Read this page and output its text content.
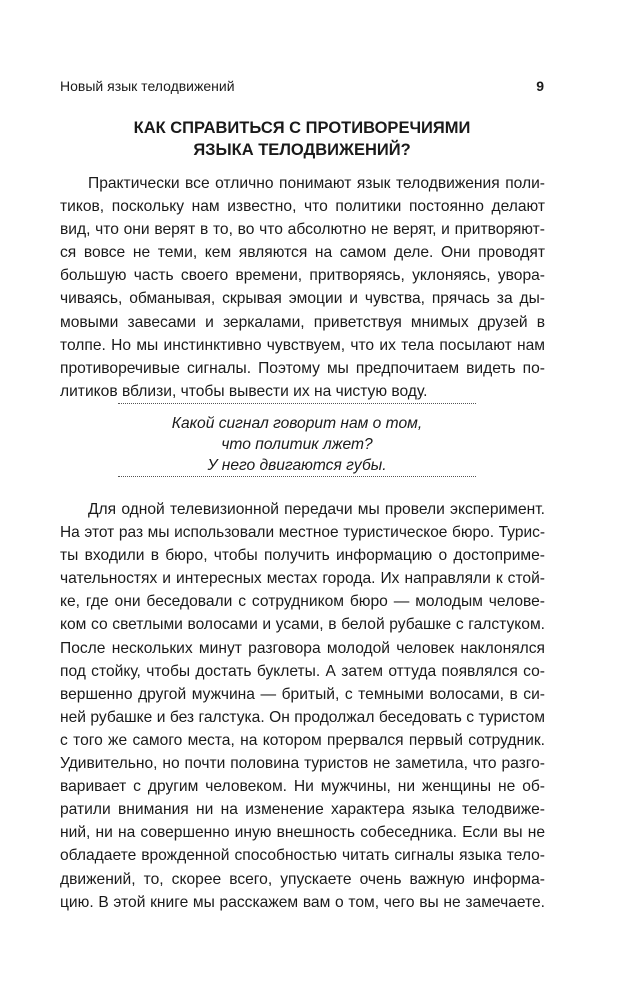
Новый язык телодвижений	9
КАК СПРАВИТЬСЯ С ПРОТИВОРЕЧИЯМИ
ЯЗЫКА ТЕЛОДВИЖЕНИЙ?
Практически все отлично понимают язык телодвижения поли-
тиков, поскольку нам известно, что политики постоянно делают
вид, что они верят в то, во что абсолютно не верят, и притворяют-
ся вовсе не теми, кем являются на самом деле. Они проводят
большую часть своего времени, притворяясь, уклоняясь, увора-
чиваясь, обманывая, скрывая эмоции и чувства, прячась за ды-
мовыми завесами и зеркалами, приветствуя мнимых друзей в
толпе. Но мы инстинктивно чувствуем, что их тела посылают нам
противоречивые сигналы. Поэтому мы предпочитаем видеть по-
литиков вблизи, чтобы вывести их на чистую воду.
Какой сигнал говорит нам о том,
что политик лжет?
У него двигаются губы.
Для одной телевизионной передачи мы провели эксперимент.
На этот раз мы использовали местное туристическое бюро. Турис-
ты входили в бюро, чтобы получить информацию о достоприме-
чательностях и интересных местах города. Их направляли к стой-
ке, где они беседовали с сотрудником бюро — молодым челове-
ком со светлыми волосами и усами, в белой рубашке с галстуком.
После нескольких минут разговора молодой человек наклонялся
под стойку, чтобы достать буклеты. А затем оттуда появлялся со-
вершенно другой мужчина — бритый, с темными волосами, в си-
ней рубашке и без галстука. Он продолжал беседовать с туристом
с того же самого места, на котором прервался первый сотрудник.
Удивительно, но почти половина туристов не заметила, что разго-
варивает с другим человеком. Ни мужчины, ни женщины не об-
ратили внимания ни на изменение характера языка телодвиже-
ний, ни на совершенно иную внешность собеседника. Если вы не
обладаете врожденной способностью читать сигналы языка тело-
движений, то, скорее всего, упускаете очень важную информа-
цию. В этой книге мы расскажем вам о том, чего вы не замечаете.
